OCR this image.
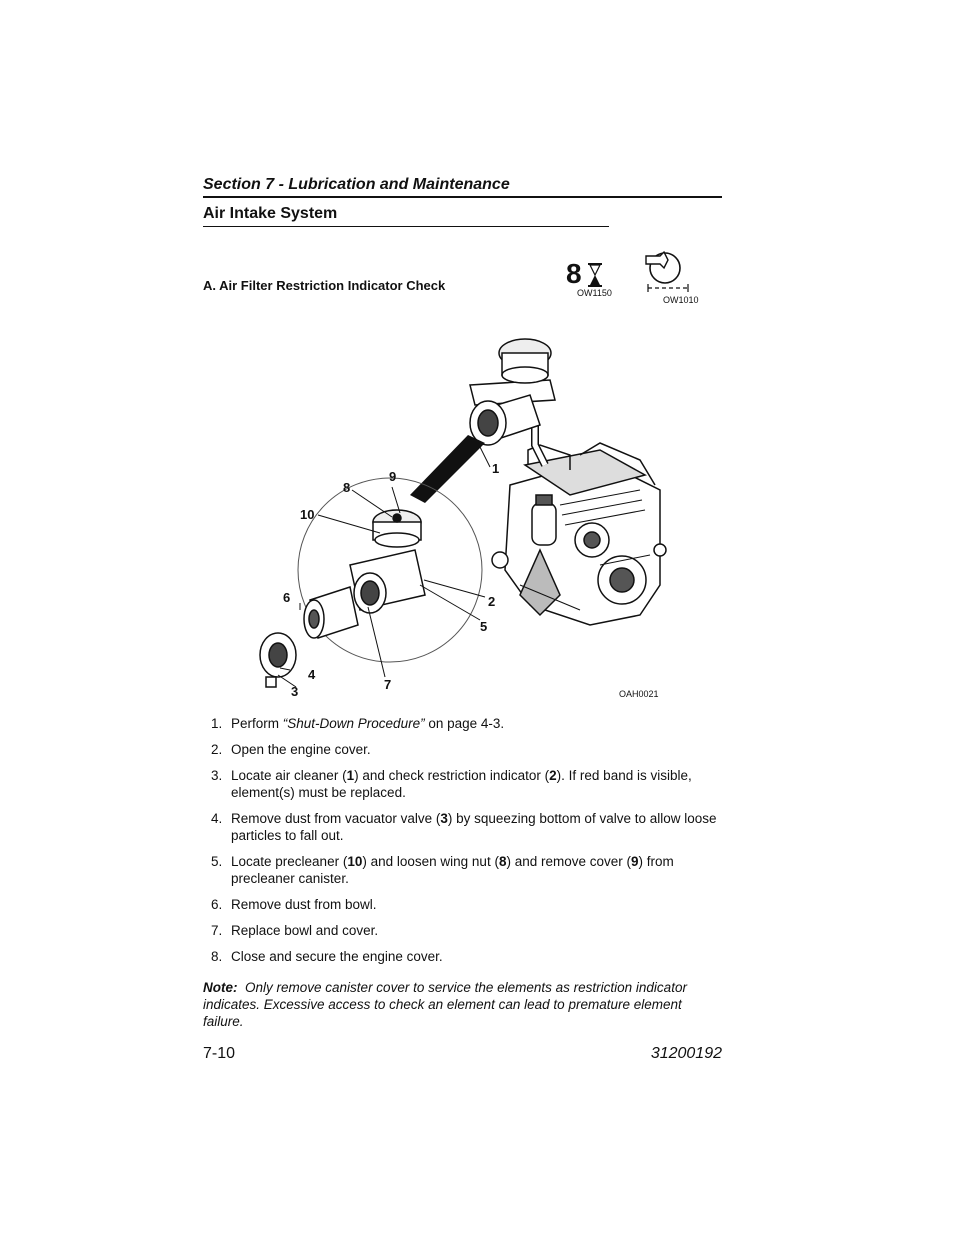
Section 7 - Lubrication and Maintenance
Air Intake System
A. Air Filter Restriction Indicator Check	8
OW1150
OW1010
1
2
3
4
5
6
7
8
9
10
OAH0021
1. Perform “Shut-Down Procedure” on page 4-3.
2. Open the engine cover.
3. Locate air cleaner (1) and check restriction indicator (2). If red band is visible, element(s) must be replaced.
4. Remove dust from vacuator valve (3) by squeezing bottom of valve to allow loose particles to fall out.
5. Locate precleaner (10) and loosen wing nut (8) and remove cover (9) from precleaner canister.
6. Remove dust from bowl.
7. Replace bowl and cover.
8. Close and secure the engine cover.
Note: Only remove canister cover to service the elements as restriction indicator indicates. Excessive access to check an element can lead to premature element failure.
7-10	31200192
